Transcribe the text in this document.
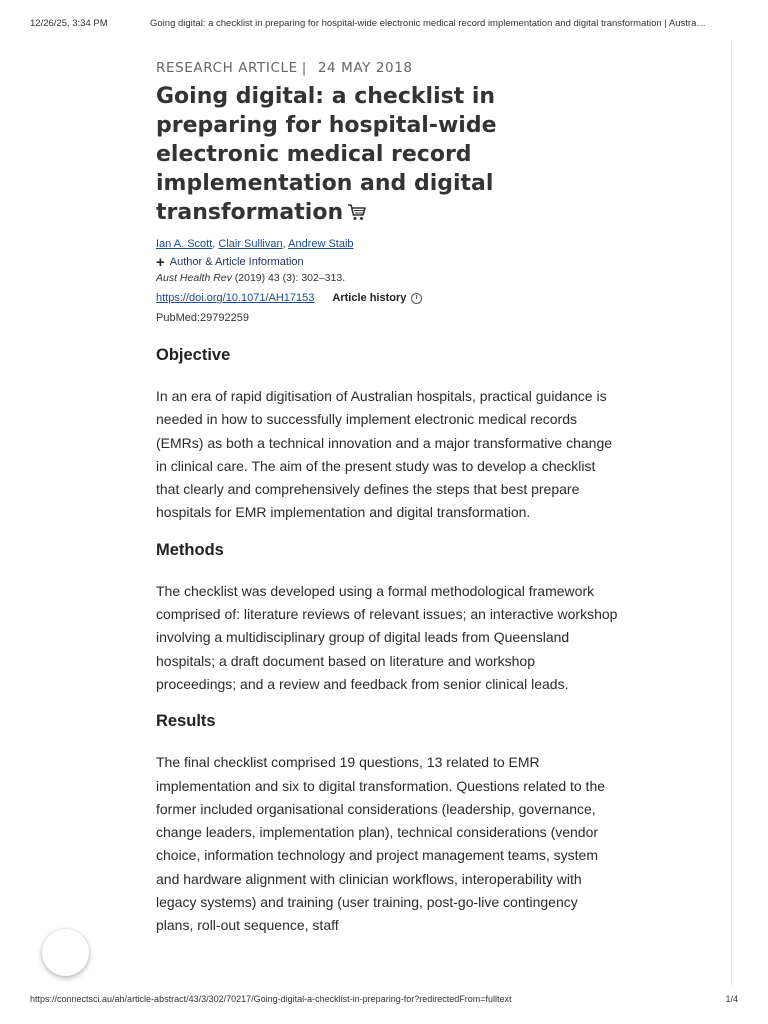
12/26/25, 3:34 PM	Going digital: a checklist in preparing for hospital-wide electronic medical record implementation and digital transformation | Austra…
RESEARCH ARTICLE | 24 MAY 2018
Going digital: a checklist in preparing for hospital-wide electronic medical record implementation and digital transformation
Ian A. Scott, Clair Sullivan, Andrew Staib
+ Author & Article Information
Aust Health Rev (2019) 43 (3): 302–313.
https://doi.org/10.1071/AH17153 Article history
PubMed:29792259
Objective

In an era of rapid digitisation of Australian hospitals, practical guidance is needed in how to successfully implement electronic medical records (EMRs) as both a technical innovation and a major transformative change in clinical care. The aim of the present study was to develop a checklist that clearly and comprehensively defines the steps that best prepare hospitals for EMR implementation and digital transformation.

Methods

The checklist was developed using a formal methodological framework comprised of: literature reviews of relevant issues; an interactive workshop involving a multidisciplinary group of digital leads from Queensland hospitals; a draft document based on literature and workshop proceedings; and a review and feedback from senior clinical leads.

Results

The final checklist comprised 19 questions, 13 related to EMR implementation and six to digital transformation. Questions related to the former included organisational considerations (leadership, governance, change leaders, implementation plan), technical considerations (vendor choice, information technology and project management teams, system and hardware alignment with clinician workflows, interoperability with legacy systems) and training (user training, post-go-live contingency plans, roll-out sequence, staff

https://connectsci.au/ah/article-abstract/43/3/302/70217/Going-digital-a-checklist-in-preparing-for?redirectedFrom=fulltext	1/4
